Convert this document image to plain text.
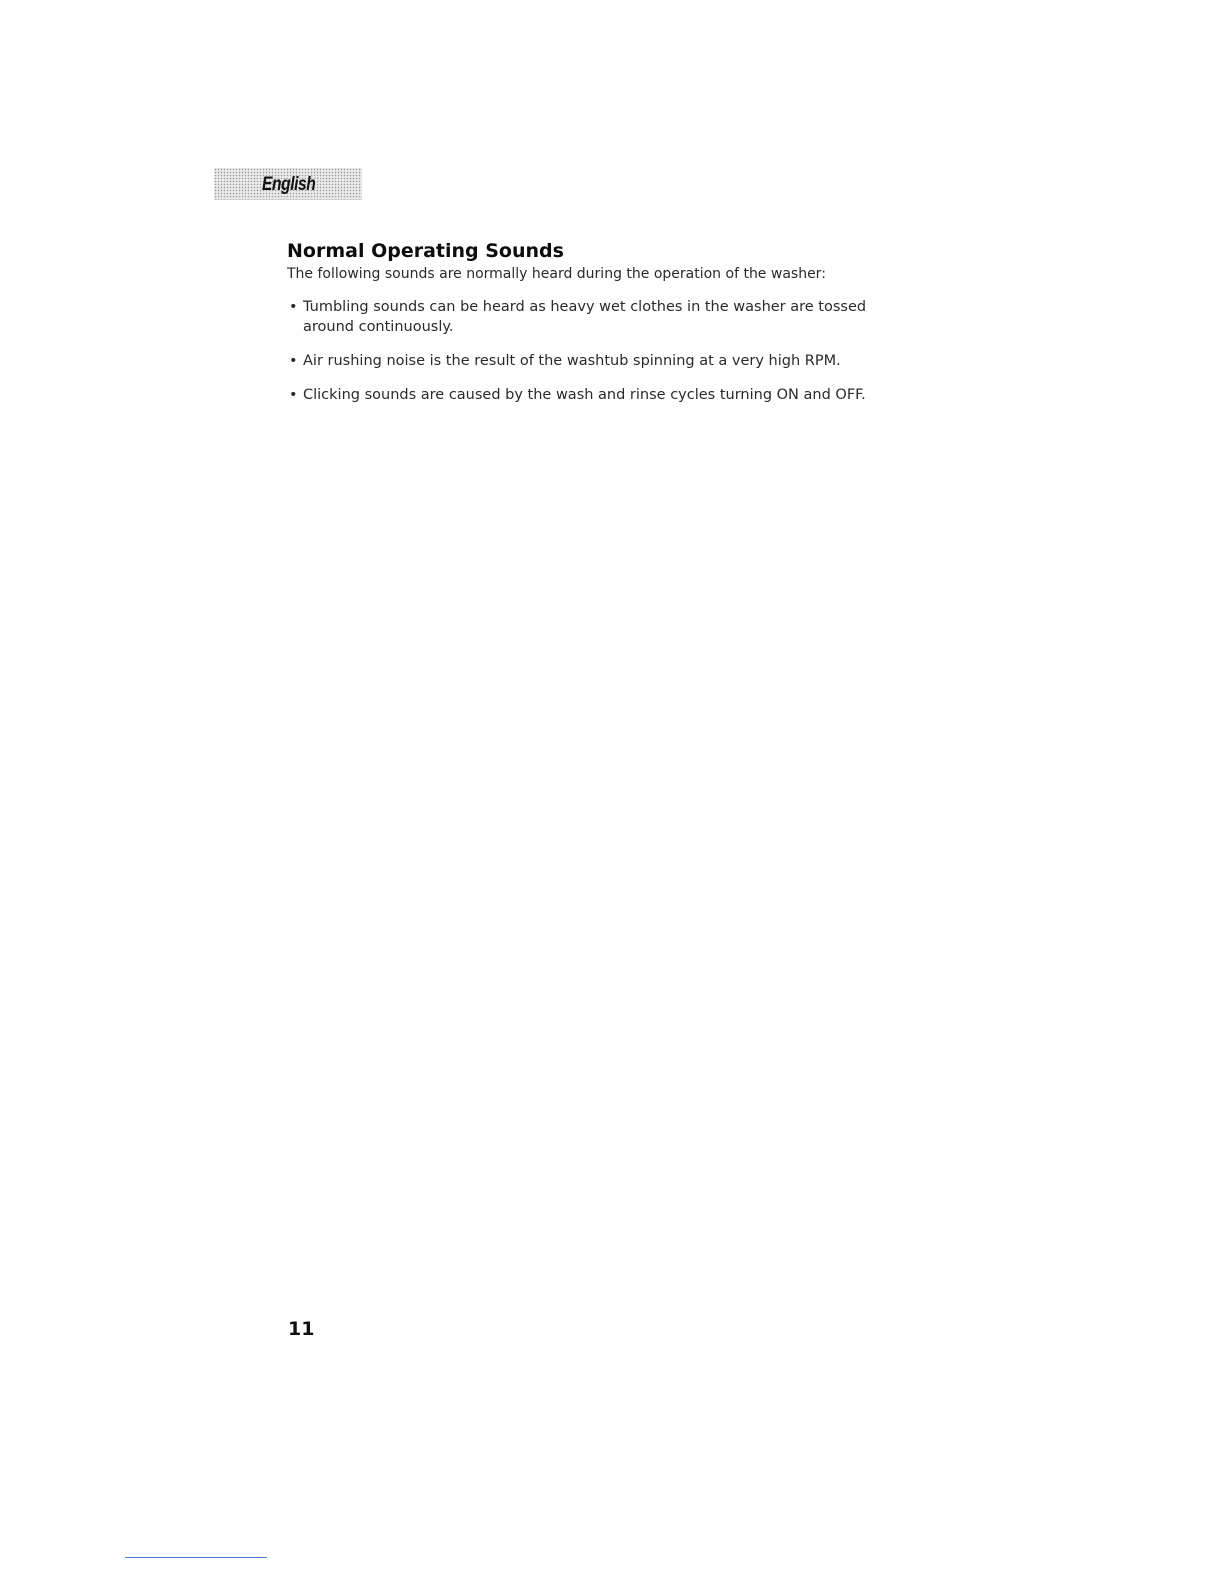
English
Normal Operating Sounds

The following sounds are normally heard during the operation of the washer:

• Tumbling sounds can be heard as heavy wet clothes in the washer are tossed around continuously.
• Air rushing noise is the result of the washtub spinning at a very high RPM.
• Clicking sounds are caused by the wash and rinse cycles turning ON and OFF.
11
